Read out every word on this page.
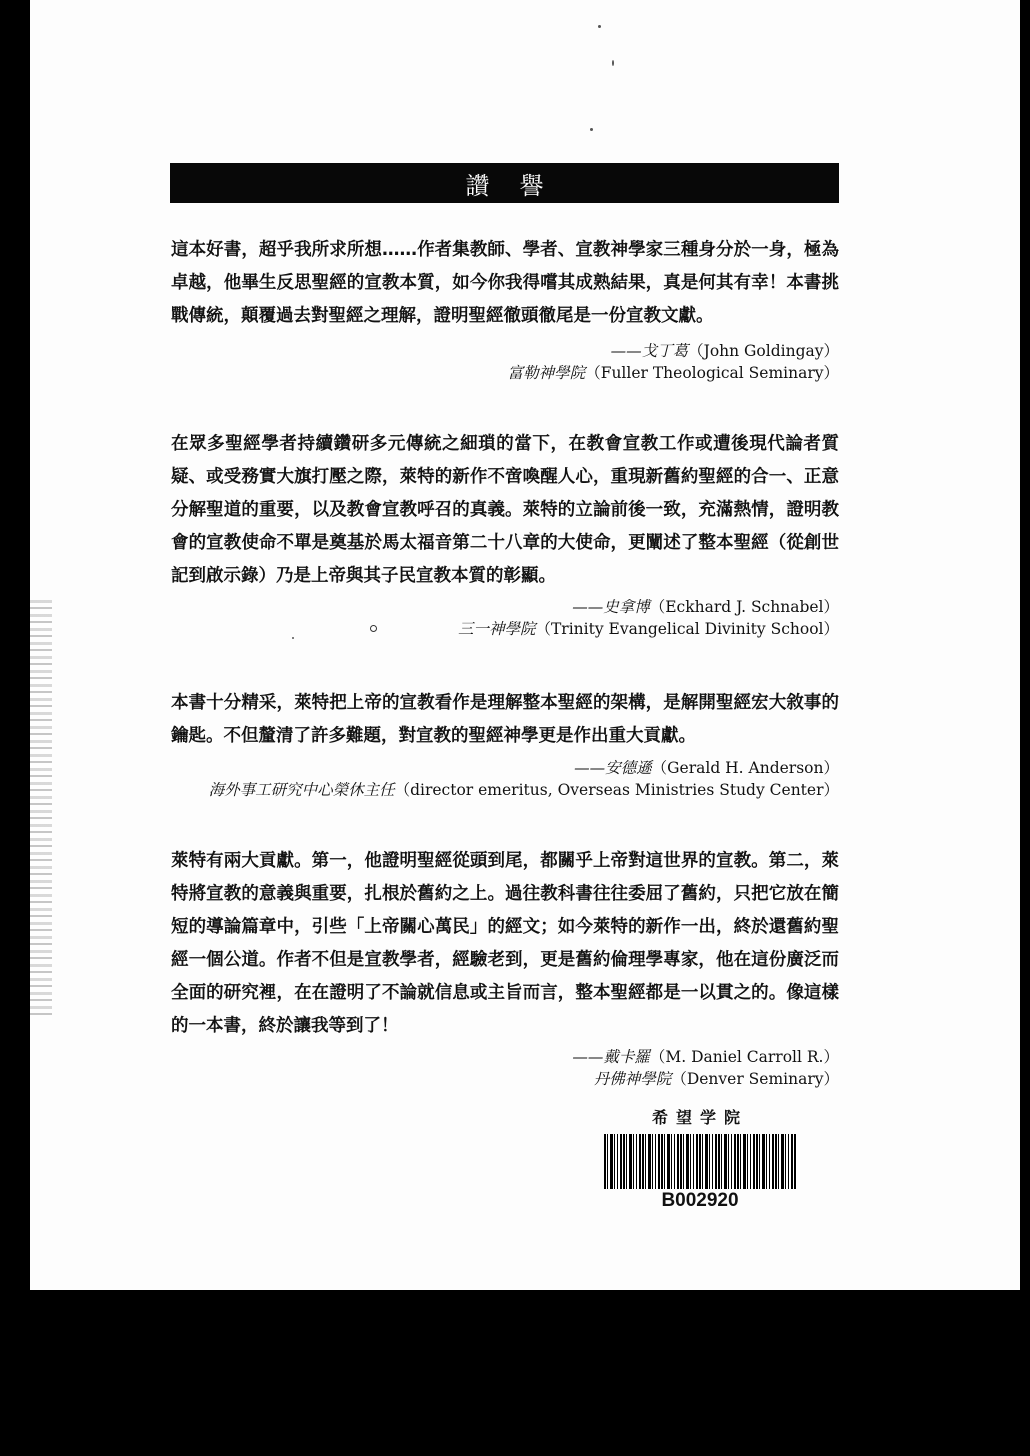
讚譽
這本好書，超乎我所求所想……作者集教師、學者、宣教神學家三種身分於一身，極為卓越，他畢生反思聖經的宣教本質，如今你我得嚐其成熟結果，真是何其有幸！本書挑戰傳統，顛覆過去對聖經之理解，證明聖經徹頭徹尾是一份宣教文獻。
——戈丁葛（John Goldingay）
富勒神學院（Fuller Theological Seminary）
在眾多聖經學者持續鑽研多元傳統之細瑣的當下，在教會宣教工作或遭後現代論者質疑、或受務實大旗打壓之際，萊特的新作不啻喚醒人心，重現新舊約聖經的合一、正意分解聖道的重要，以及教會宣教呼召的真義。萊特的立論前後一致，充滿熱情，證明教會的宣教使命不單是奠基於馬太福音第二十八章的大使命，更闡述了整本聖經（從創世記到啟示錄）乃是上帝與其子民宣教本質的彰顯。
——史拿博（Eckhard J. Schnabel）
三一神學院（Trinity Evangelical Divinity School）
本書十分精采，萊特把上帝的宣教看作是理解整本聖經的架構，是解開聖經宏大敘事的鑰匙。不但釐清了許多難題，對宣教的聖經神學更是作出重大貢獻。
——安德遜（Gerald H. Anderson）
海外事工研究中心榮休主任（director emeritus, Overseas Ministries Study Center）
萊特有兩大貢獻。第一，他證明聖經從頭到尾，都關乎上帝對這世界的宣教。第二，萊特將宣教的意義與重要，扎根於舊約之上。過往教科書往往委屈了舊約，只把它放在簡短的導論篇章中，引些「上帝關心萬民」的經文；如今萊特的新作一出，終於還舊約聖經一個公道。作者不但是宣教學者，經驗老到，更是舊約倫理學專家，他在這份廣泛而全面的研究裡，在在證明了不論就信息或主旨而言，整本聖經都是一以貫之的。像這樣的一本書，終於讓我等到了！
——戴卡羅（M. Daniel Carroll R.）
丹佛神學院（Denver Seminary）
希望学院
B002920
